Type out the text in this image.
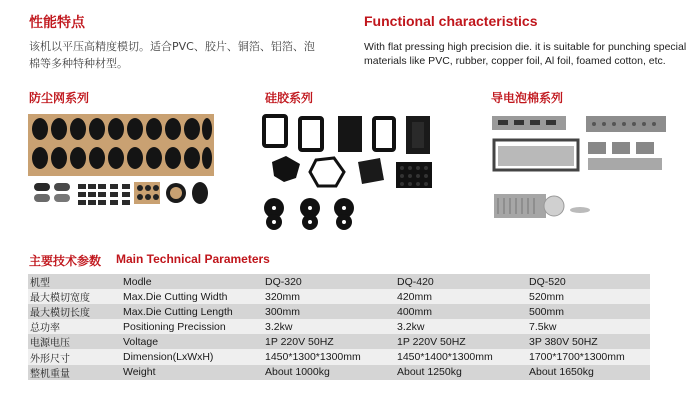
性能特点
该机以平压高精度模切。适合PVC、胶片、铜箔、铝箔、泡
棉等多种特种材型。
Functional characteristics
With flat pressing high precision die. it is suitable for punching special
materials like PVC, rubber, copper foil, Al foil, foamed cotton, etc.
防尘网系列	硅胶系列	导电泡棉系列
主要技术参数 Main Technical Parameters
机型	Modle	DQ-320	DQ-420	DQ-520
最大模切宽度	Max.Die Cutting Width	320mm	420mm	520mm
最大模切长度	Max.Die Cutting Length	300mm	400mm	500mm
总功率	Positioning Precission	3.2kw	3.2kw	7.5kw
电源电压	Voltage	1P 220V 50HZ	1P 220V 50HZ	3P 380V 50HZ
外形尺寸	Dimension(LxWxH)	1450*1300*1300mm	1450*1400*1300mm	1700*1700*1300mm
整机重量	Weight	About 1000kg	About 1250kg	About 1650kg
